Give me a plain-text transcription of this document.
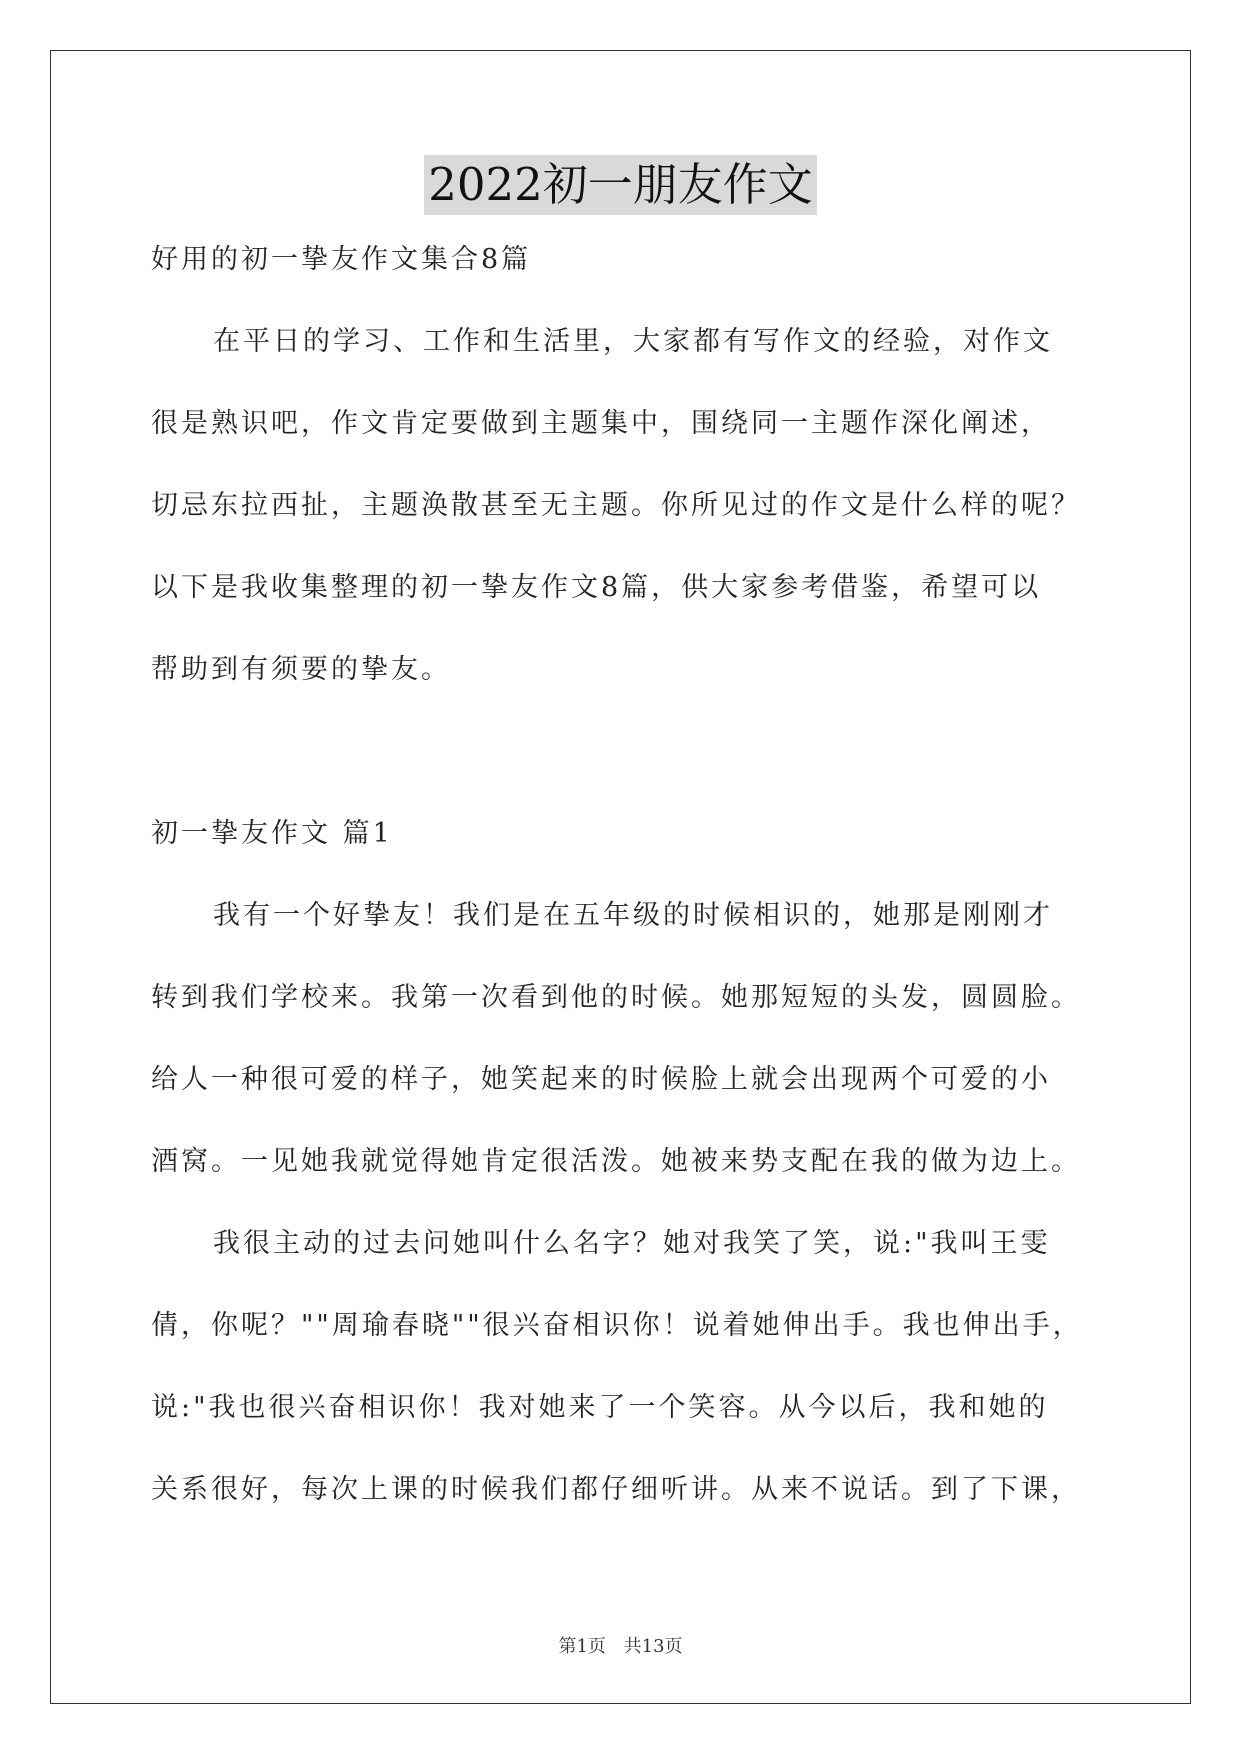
2022初一朋友作文
好用的初一挚友作文集合8篇
在平日的学习、工作和生活里，大家都有写作文的经验，对作文
很是熟识吧，作文肯定要做到主题集中，围绕同一主题作深化阐述，
切忌东拉西扯，主题涣散甚至无主题。你所见过的作文是什么样的呢？
以下是我收集整理的初一挚友作文8篇，供大家参考借鉴，希望可以
帮助到有须要的挚友。
初一挚友作文 篇1
我有一个好挚友！我们是在五年级的时候相识的，她那是刚刚才
转到我们学校来。我第一次看到他的时候。她那短短的头发，圆圆脸。
给人一种很可爱的样子，她笑起来的时候脸上就会出现两个可爱的小
酒窝。一见她我就觉得她肯定很活泼。她被来势支配在我的做为边上。
我很主动的过去问她叫什么名字？她对我笑了笑，说:"我叫王雯
倩，你呢？""周瑜春晓""很兴奋相识你！说着她伸出手。我也伸出手，
说:"我也很兴奋相识你！我对她来了一个笑容。从今以后，我和她的
关系很好，每次上课的时候我们都仔细听讲。从来不说话。到了下课，
第1页 共13页
